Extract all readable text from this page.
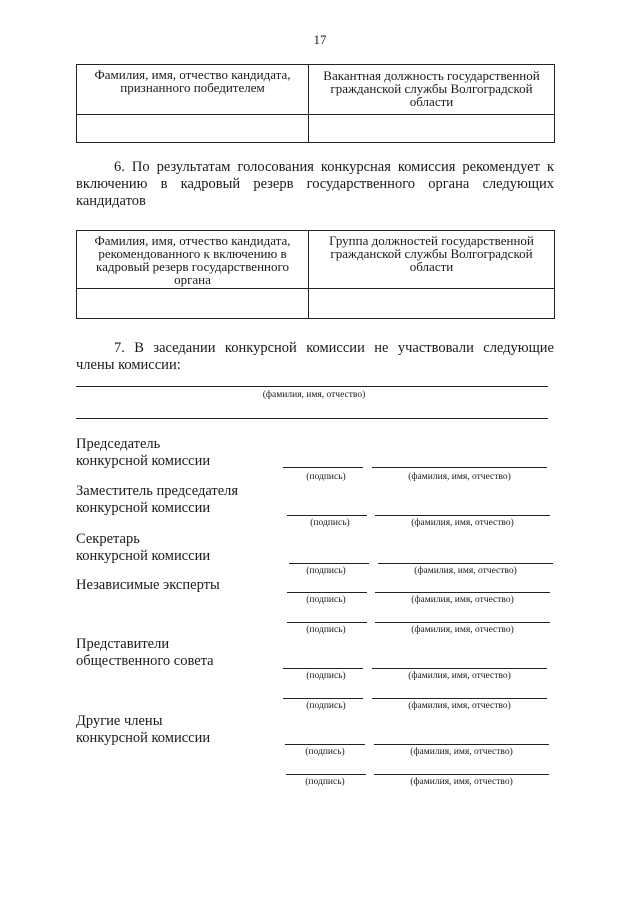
17
Фамилия, имя, отчество кандидата, признанного победителем	Вакантная должность государственной гражданской службы Волгоградской области

6. По результатам голосования конкурсная комиссия рекомендует к
включению в кадровый резерв государственного органа следующих
кандидатов
Фамилия, имя, отчество кандидата, рекомендованного к включению в кадровый резерв государственного органа	Группа должностей государственной гражданской службы Волгоградской области

7. В заседании конкурсной комиссии не участвовали следующие
члены комиссии:
(фамилия, имя, отчество)
Председатель
конкурсной комиссии
(подпись)	(фамилия, имя, отчество)
Заместитель председателя
конкурсной комиссии
(подпись)	(фамилия, имя, отчество)
Секретарь
конкурсной комиссии
(подпись)	(фамилия, имя, отчество)
Независимые эксперты
(подпись)	(фамилия, имя, отчество)
(подпись)	(фамилия, имя, отчество)
Представители
общественного совета
(подпись)	(фамилия, имя, отчество)
(подпись)	(фамилия, имя, отчество)
Другие члены
конкурсной комиссии
(подпись)	(фамилия, имя, отчество)
(подпись)	(фамилия, имя, отчество)
